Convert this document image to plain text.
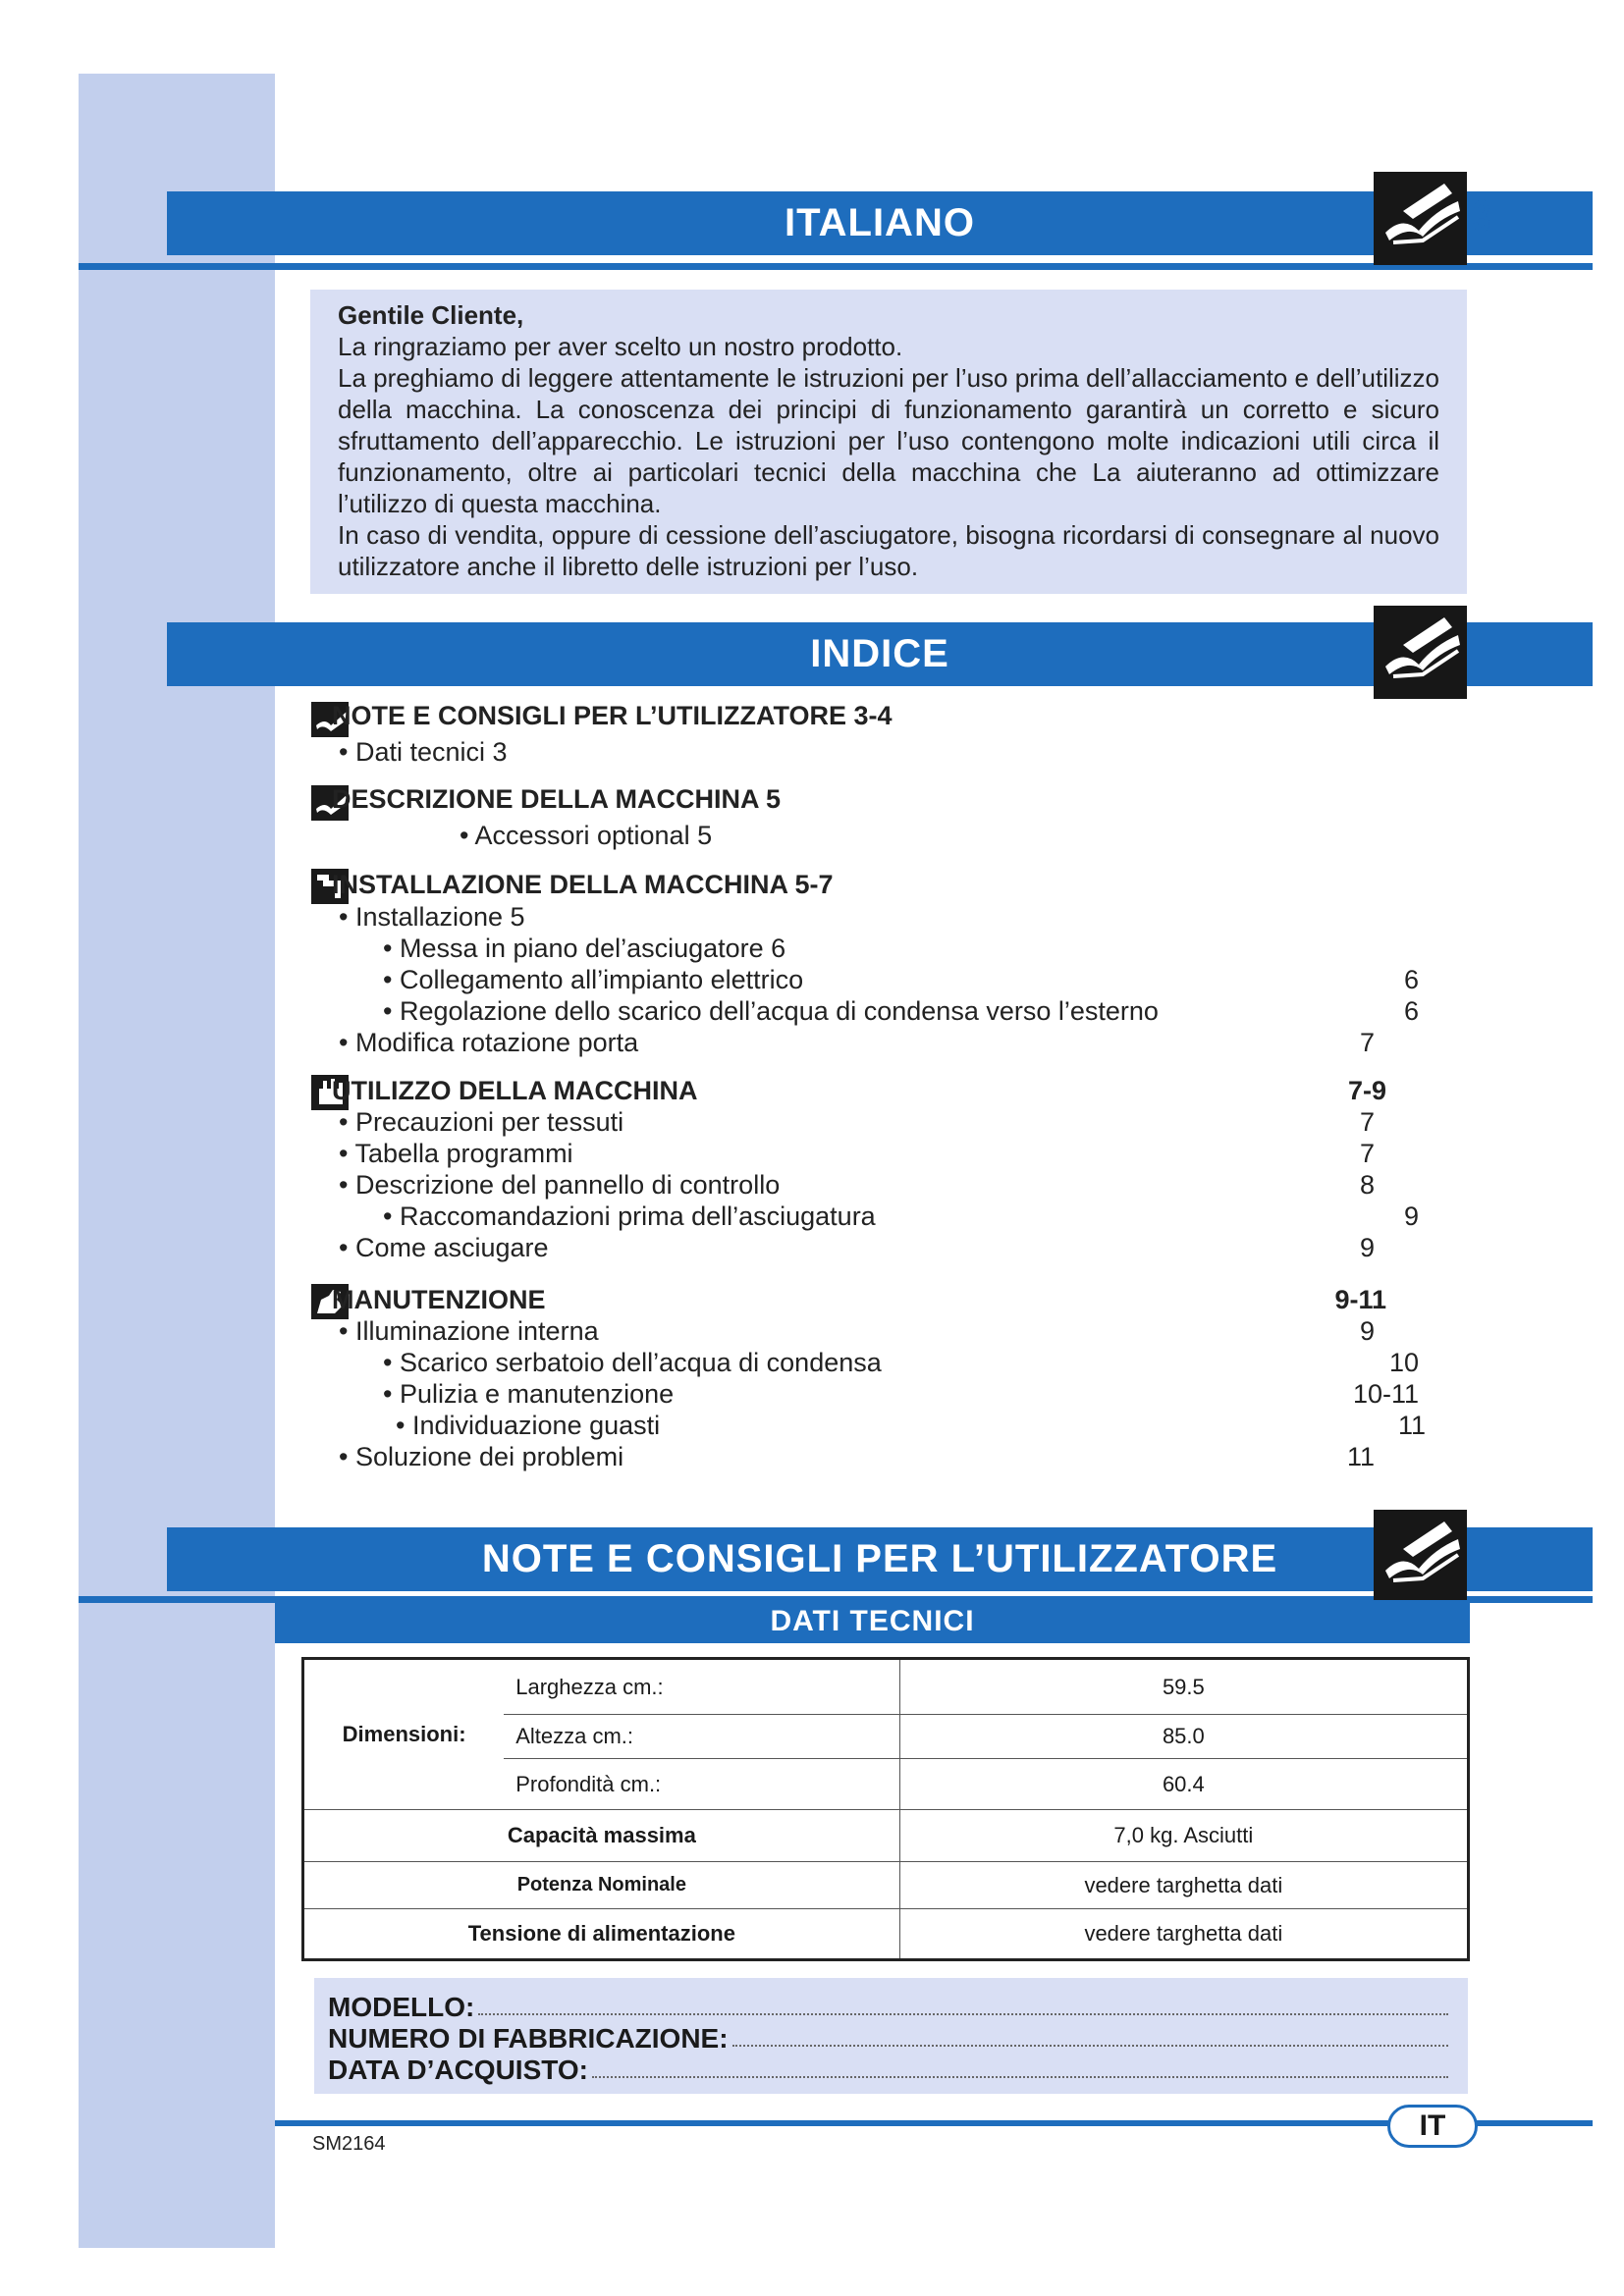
ITALIANO	3

Gentile Cliente,

La ringraziamo per aver scelto un nostro prodotto.

La preghiamo di leggere attentamente le istruzioni per l’uso prima dell’allacciamento e dell’utilizzo della macchina. La conoscenza dei principi di funzionamento garantirà un corretto e sicuro sfruttamento dell’apparecchio. Le istruzioni per l’uso contengono molte indicazioni utili circa il funzionamento, oltre ai particolari tecnici della macchina che La aiuteranno ad ottimizzare l’utilizzo di questa macchina.

In caso di vendita, oppure di cessione dell’asciugatore, bisogna ricordarsi di consegnare al nuovo utilizzatore anche il libretto delle istruzioni per l’uso.

INDICE
NOTE E CONSIGLI PER L’UTILIZZATORE 3-4
• Dati tecnici 3
DESCRIZIONE DELLA MACCHINA 5
• Accessori optional 5
INSTALLAZIONE DELLA MACCHINA 5-7
• Installazione 5
• Messa in piano del’asciugatore 6
• Collegamento all’impianto elettrico	6
• Regolazione dello scarico dell’acqua di condensa verso l’esterno	6
• Modifica rotazione porta	7
UTILIZZO DELLA MACCHINA	7-9
• Precauzioni per tessuti	7
• Tabella programmi	7
• Descrizione del pannello di controllo	8
• Raccomandazioni prima dell’asciugatura	9
• Come asciugare	9
MANUTENZIONE	9-11
• Illuminazione interna	9
• Scarico serbatoio dell’acqua di condensa	10
• Pulizia e manutenzione	10-11
• Individuazione guasti	11
• Soluzione dei problemi	11
NOTE E CONSIGLI PER L’UTILIZZATORE
DATI TECNICI
Dimensioni:	Larghezza cm.:	59.5
	Altezza cm.:	85.0
	Profondità cm.:	60.4
Capacità massima		7,0 kg. Asciutti
Potenza Nominale		vedere targhetta dati
Tensione di alimentazione		vedere targhetta dati
MODELLO:
NUMERO DI FABBRICAZIONE:
DATA D’ACQUISTO:
IT
SM2164
